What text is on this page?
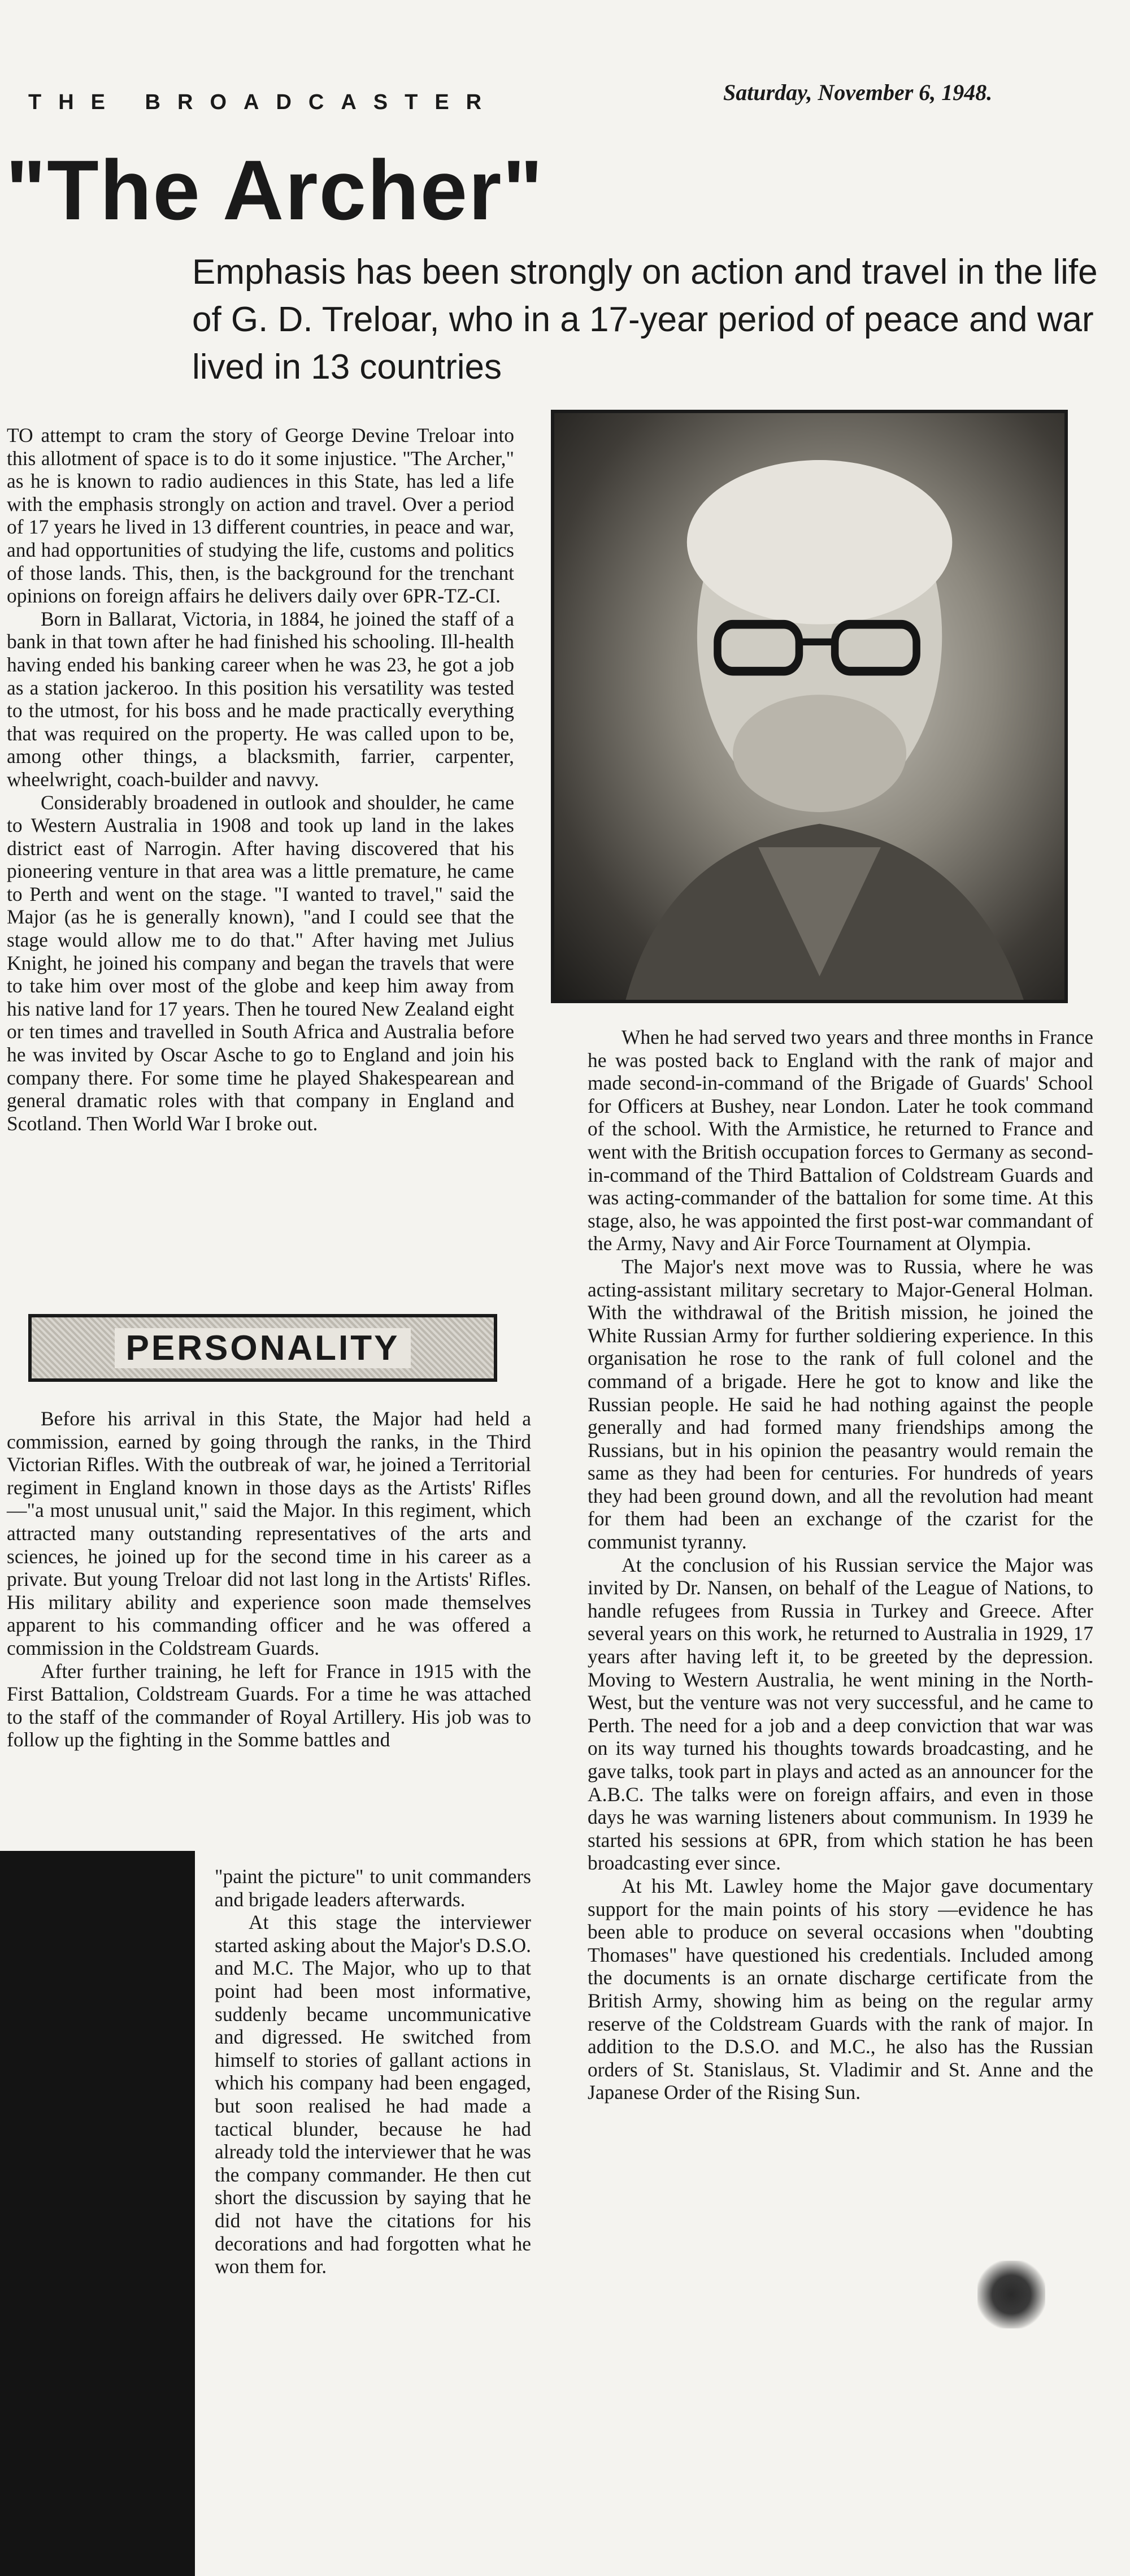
THE BROADCASTER	Saturday, November 6, 1948.
"The Archer"
Emphasis has been strongly on action and travel in the life of G. D. Treloar, who in a 17-year period of peace and war lived in 13 countries

TO attempt to cram the story of George Devine Treloar into this allotment of space is to do it some injustice. "The Archer," as he is known to radio audiences in this State, has led a life with the emphasis strongly on action and travel. Over a period of 17 years he lived in 13 different countries, in peace and war, and had opportunities of studying the life, customs and politics of those lands. This, then, is the background for the trenchant opinions on foreign affairs he delivers daily over 6PR-TZ-CI.

Born in Ballarat, Victoria, in 1884, he joined the staff of a bank in that town after he had finished his schooling. Ill-health having ended his banking career when he was 23, he got a job as a station jackeroo. In this position his versatility was tested to the utmost, for his boss and he made practically everything that was required on the property. He was called upon to be, among other things, a blacksmith, farrier, carpenter, wheelwright, coach-builder and navvy.

Considerably broadened in outlook and shoulder, he came to Western Australia in 1908 and took up land in the lakes district east of Narrogin. After having discovered that his pioneering venture in that area was a little premature, he came to Perth and went on the stage. "I wanted to travel," said the Major (as he is generally known), "and I could see that the stage would allow me to do that." After having met Julius Knight, he joined his company and began the travels that were to take him over most of the globe and keep him away from his native land for 17 years. Then he toured New Zealand eight or ten times and travelled in South Africa and Australia before he was invited by Oscar Asche to go to England and join his company there. For some time he played Shakespearean and general dramatic roles with that company in England and Scotland. Then World War I broke out.

PERSONALITY

Before his arrival in this State, the Major had held a commission, earned by going through the ranks, in the Third Victorian Rifles. With the outbreak of war, he joined a Territorial regiment in England known in those days as the Artists' Rifles—"a most unusual unit," said the Major. In this regiment, which attracted many outstanding representatives of the arts and sciences, he joined up for the second time in his career as a private. But young Treloar did not last long in the Artists' Rifles. His military ability and experience soon made themselves apparent to his commanding officer and he was offered a commission in the Coldstream Guards.

After further training, he left for France in 1915 with the First Battalion, Coldstream Guards. For a time he was attached to the staff of the commander of Royal Artillery. His job was to follow up the fighting in the Somme battles and

"paint the picture" to unit commanders and brigade leaders afterwards.

At this stage the interviewer started asking about the Major's D.S.O. and M.C. The Major, who up to that point had been most informative, suddenly became uncommunicative and digressed. He switched from himself to stories of gallant actions in which his company had been engaged, but soon realised he had made a tactical blunder, because he had already told the interviewer that he was the company commander. He then cut short the discussion by saying that he did not have the citations for his decorations and had forgotten what he won them for.

When he had served two years and three months in France he was posted back to England with the rank of major and made second-in-command of the Brigade of Guards' School for Officers at Bushey, near London. Later he took command of the school. With the Armistice, he returned to France and went with the British occupation forces to Germany as second-in-command of the Third Battalion of Coldstream Guards and was acting-commander of the battalion for some time. At this stage, also, he was appointed the first post-war commandant of the Army, Navy and Air Force Tournament at Olympia.

The Major's next move was to Russia, where he was acting-assistant military secretary to Major-General Holman. With the withdrawal of the British mission, he joined the White Russian Army for further soldiering experience. In this organisation he rose to the rank of full colonel and the command of a brigade. Here he got to know and like the Russian people. He said he had nothing against the people generally and had formed many friendships among the Russians, but in his opinion the peasantry would remain the same as they had been for centuries. For hundreds of years they had been ground down, and all the revolution had meant for them had been an exchange of the czarist for the communist tyranny.

At the conclusion of his Russian service the Major was invited by Dr. Nansen, on behalf of the League of Nations, to handle refugees from Russia in Turkey and Greece. After several years on this work, he returned to Australia in 1929, 17 years after having left it, to be greeted by the depression. Moving to Western Australia, he went mining in the North-West, but the venture was not very successful, and he came to Perth. The need for a job and a deep conviction that war was on its way turned his thoughts towards broadcasting, and he gave talks, took part in plays and acted as an announcer for the A.B.C. The talks were on foreign affairs, and even in those days he was warning listeners about communism. In 1939 he started his sessions at 6PR, from which station he has been broadcasting ever since.

At his Mt. Lawley home the Major gave documentary support for the main points of his story —evidence he has been able to produce on several occasions when "doubting Thomases" have questioned his credentials. Included among the documents is an ornate discharge certificate from the British Army, showing him as being on the regular army reserve of the Coldstream Guards with the rank of major. In addition to the D.S.O. and M.C., he also has the Russian orders of St. Stanislaus, St. Vladimir and St. Anne and the Japanese Order of the Rising Sun.
